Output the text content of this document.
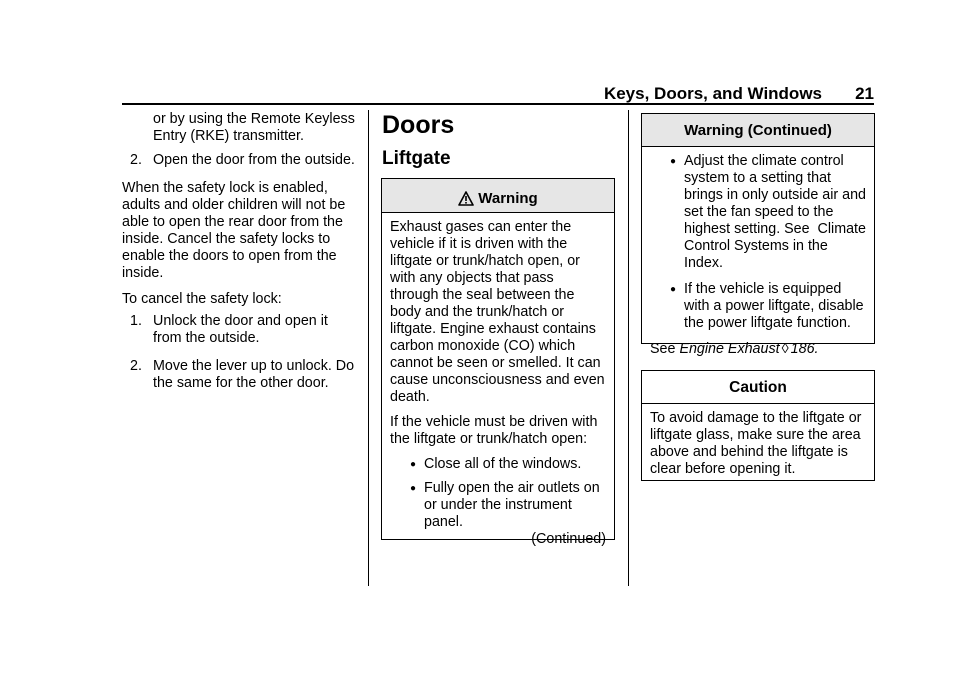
Keys, Doors, and Windows 21
or by using the Remote Keyless Entry (RKE) transmitter.
2. Open the door from the outside.

When the safety lock is enabled, adults and older children will not be able to open the rear door from the inside. Cancel the safety locks to enable the doors to open from the inside.

To cancel the safety lock:

1. Unlock the door and open it from the outside.
2. Move the lever up to unlock. Do the same for the other door.
Doors
Liftgate
Warning

Exhaust gases can enter the vehicle if it is driven with the liftgate or trunk/hatch open, or with any objects that pass through the seal between the body and the trunk/hatch or liftgate. Engine exhaust contains carbon monoxide (CO) which cannot be seen or smelled. It can cause unconsciousness and even death.

If the vehicle must be driven with the liftgate or trunk/hatch open:

● Close all of the windows.
● Fully open the air outlets on or under the instrument panel.
(Continued)
Warning (Continued)
● Adjust the climate control system to a setting that brings in only outside air and set the fan speed to the highest setting. See  Climate Control Systems in the Index.
● If the vehicle is equipped with a power liftgate, disable the power liftgate function.
See Engine Exhaust ◊ 186.
Caution
To avoid damage to the liftgate or liftgate glass, make sure the area above and behind the liftgate is clear before opening it.
